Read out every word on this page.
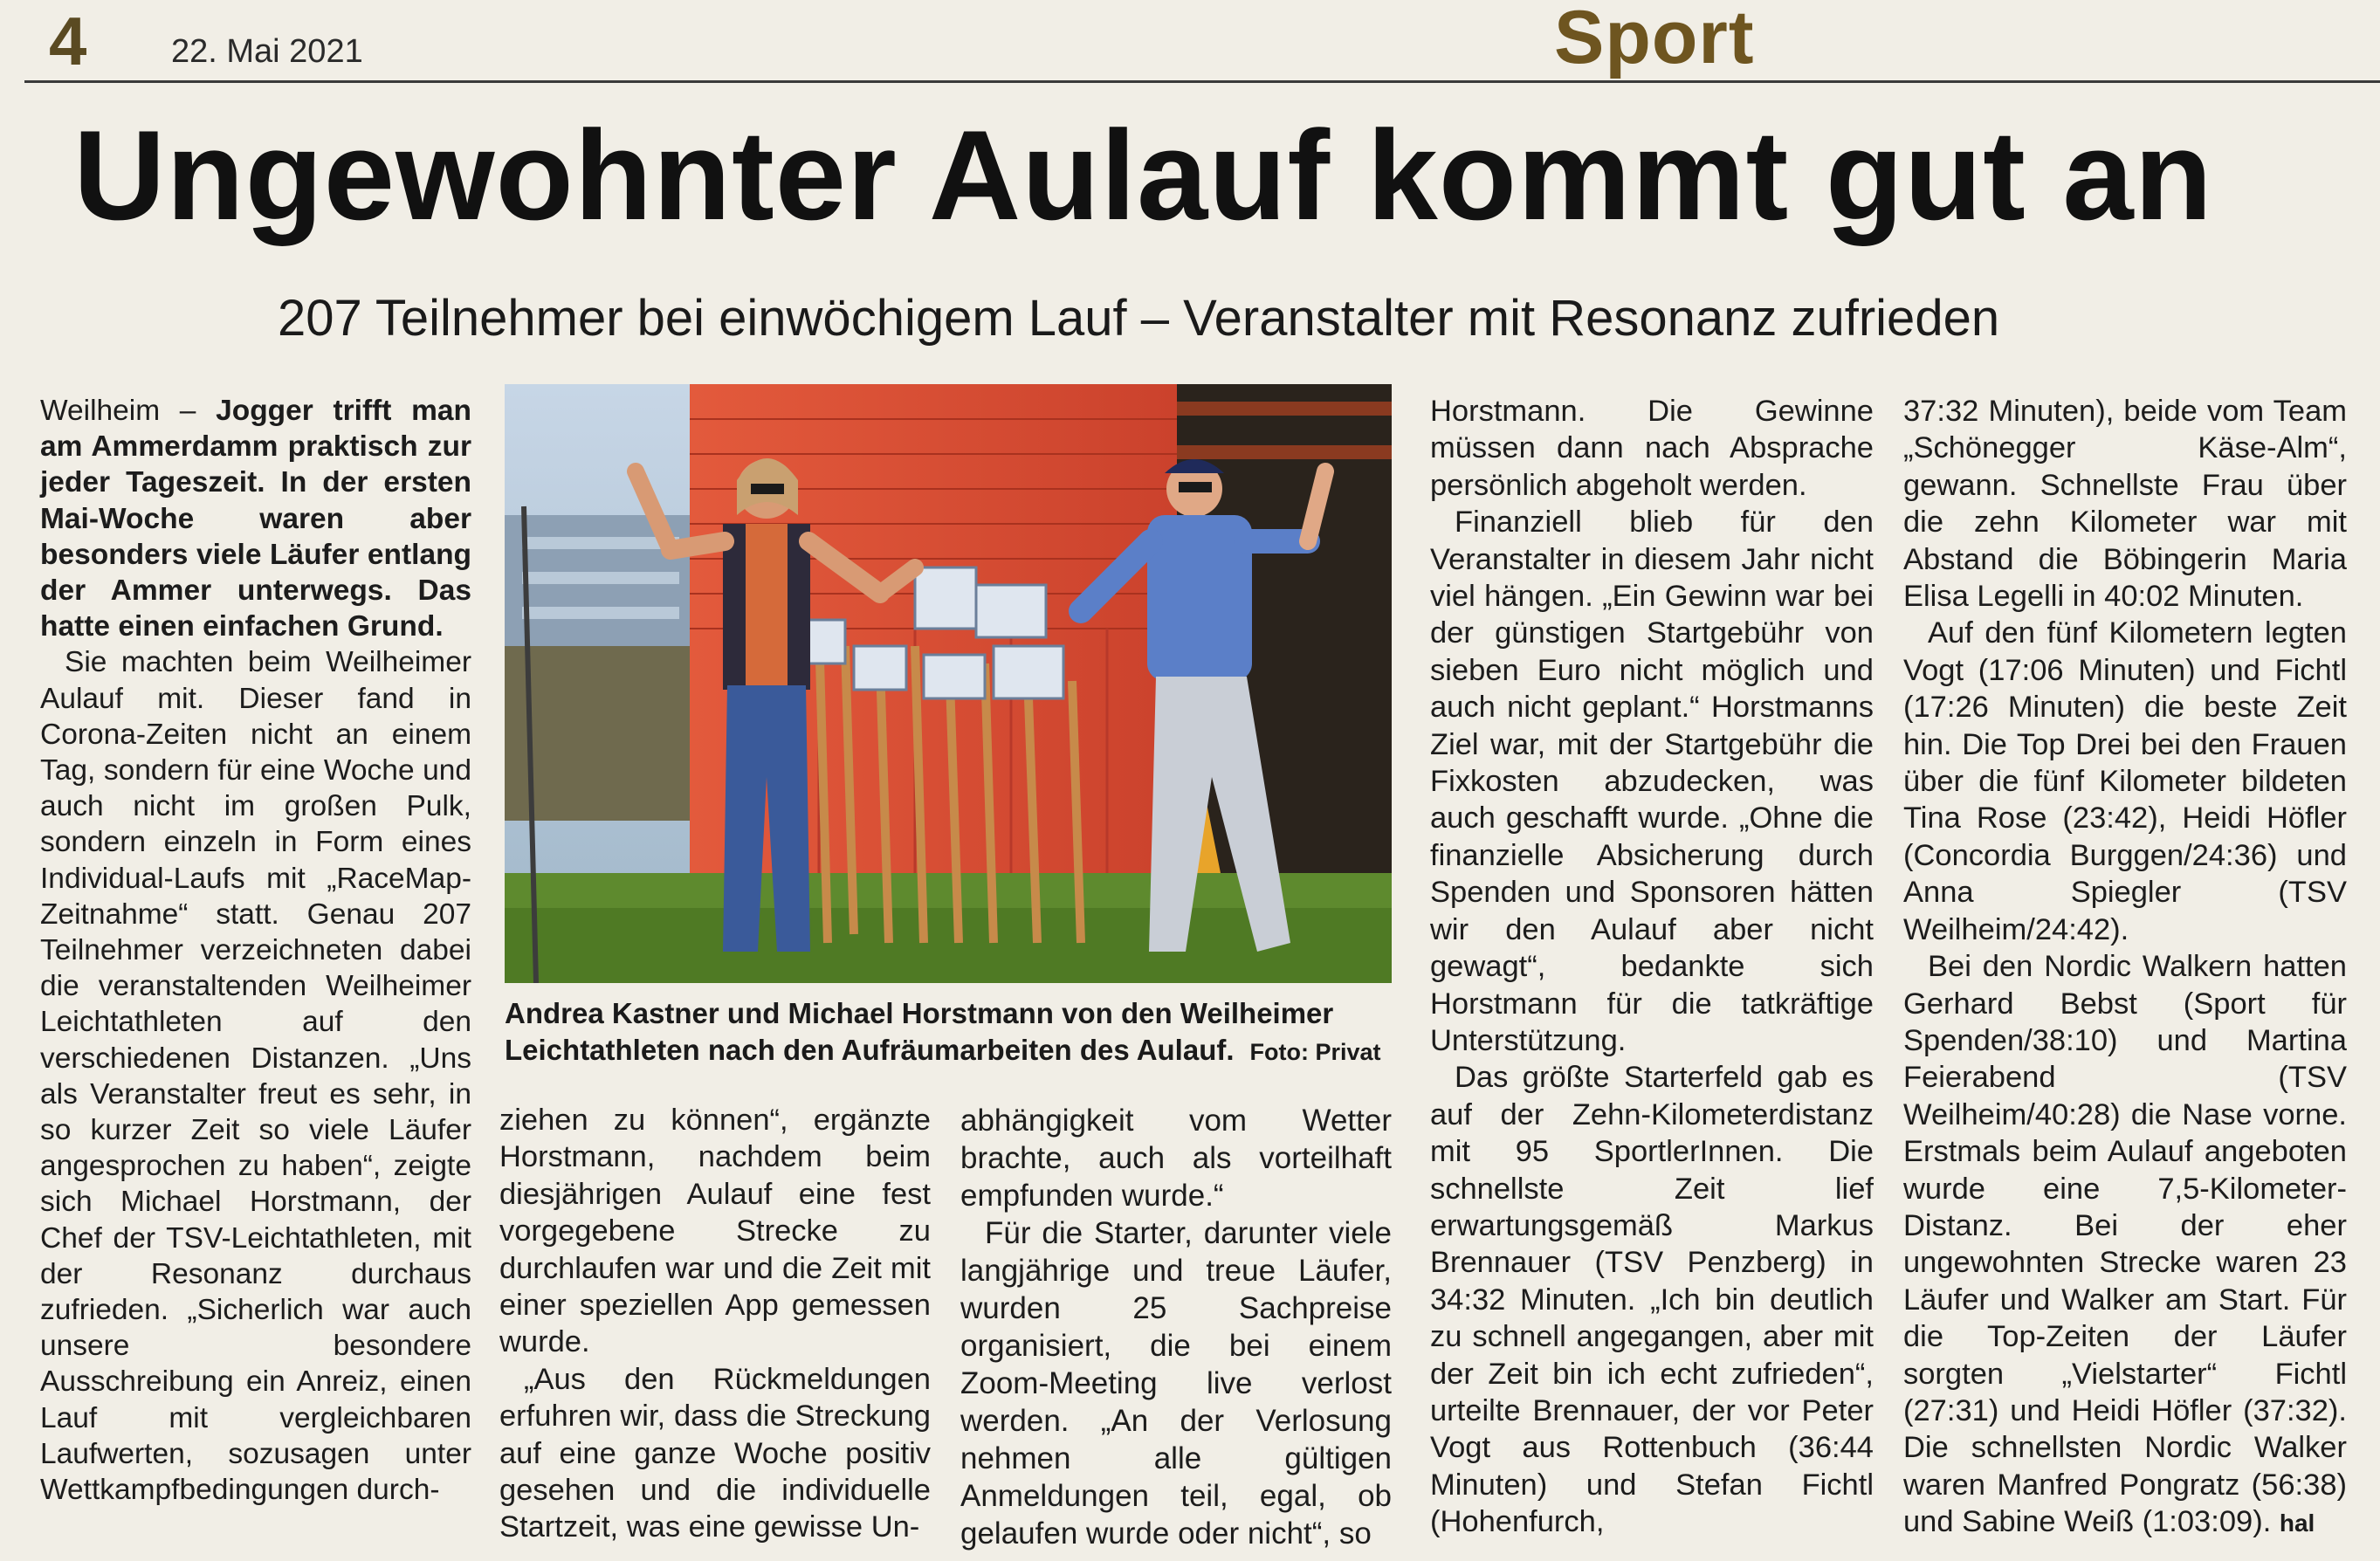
4	22. Mai 2021	Sport
Ungewohnter Aulauf kommt gut an
207 Teilnehmer bei einwöchigem Lauf – Veranstalter mit Resonanz zufrieden

Weilheim – Jogger trifft man am Ammerdamm praktisch zur jeder Tageszeit. In der ersten Mai-Woche waren aber besonders viele Läufer entlang der Ammer unterwegs. Das hatte einen einfachen Grund.

Sie machten beim Weilheimer Aulauf mit. Dieser fand in Corona-Zeiten nicht an einem Tag, sondern für eine Woche und auch nicht im großen Pulk, sondern einzeln in Form eines Individual-Laufs mit „RaceMap-Zeitnahme“ statt. Genau 207 Teilnehmer verzeichneten dabei die veranstaltenden Weilheimer Leichtathleten auf den verschiedenen Distanzen. „Uns als Veranstalter freut es sehr, in so kurzer Zeit so viele Läufer angesprochen zu haben“, zeigte sich Michael Horstmann, der Chef der TSV-Leichtathleten, mit der Resonanz durchaus zufrieden. „Sicherlich war auch unsere besondere Ausschreibung ein Anreiz, einen Lauf mit vergleichbaren Laufwerten, sozusagen unter Wettkampfbedingungen durch-

Andrea Kastner und Michael Horstmann von den Weilheimer Leichtathleten nach den Aufräumarbeiten des Aulauf. Foto: Privat

ziehen zu können“, ergänzte Horstmann, nachdem beim diesjährigen Aulauf eine fest vorgegebene Strecke zu durchlaufen war und die Zeit mit einer speziellen App gemessen wurde.

„Aus den Rückmeldungen erfuhren wir, dass die Streckung auf eine ganze Woche positiv gesehen und die individuelle Startzeit, was eine gewisse Un-

abhängigkeit vom Wetter brachte, auch als vorteilhaft empfunden wurde.“

Für die Starter, darunter viele langjährige und treue Läufer, wurden 25 Sachpreise organisiert, die bei einem Zoom-Meeting live verlost werden. „An der Verlosung nehmen alle gültigen Anmeldungen teil, egal, ob gelaufen wurde oder nicht“, so

Horstmann. Die Gewinne müssen dann nach Absprache persönlich abgeholt werden.

Finanziell blieb für den Veranstalter in diesem Jahr nicht viel hängen. „Ein Gewinn war bei der günstigen Startgebühr von sieben Euro nicht möglich und auch nicht geplant.“ Horstmanns Ziel war, mit der Startgebühr die Fixkosten abzudecken, was auch geschafft wurde. „Ohne die finanzielle Absicherung durch Spenden und Sponsoren hätten wir den Aulauf aber nicht gewagt“, bedankte sich Horstmann für die tatkräftige Unterstützung.

Das größte Starterfeld gab es auf der Zehn-Kilometerdistanz mit 95 SportlerInnen. Die schnellste Zeit lief erwartungsgemäß Markus Brennauer (TSV Penzberg) in 34:32 Minuten. „Ich bin deutlich zu schnell angegangen, aber mit der Zeit bin ich echt zufrieden“, urteilte Brennauer, der vor Peter Vogt aus Rottenbuch (36:44 Minuten) und Stefan Fichtl (Hohenfurch,

37:32 Minuten), beide vom Team „Schönegger Käse-Alm“, gewann. Schnellste Frau über die zehn Kilometer war mit Abstand die Böbingerin Maria Elisa Legelli in 40:02 Minuten.

Auf den fünf Kilometern legten Vogt (17:06 Minuten) und Fichtl (17:26 Minuten) die beste Zeit hin. Die Top Drei bei den Frauen über die fünf Kilometer bildeten Tina Rose (23:42), Heidi Höfler (Concordia Burggen/24:36) und Anna Spiegler (TSV Weilheim/24:42).

Bei den Nordic Walkern hatten Gerhard Bebst (Sport für Spenden/38:10) und Martina Feierabend (TSV Weilheim/40:28) die Nase vorne. Erstmals beim Aulauf angeboten wurde eine 7,5-Kilometer-Distanz. Bei der eher ungewohnten Strecke waren 23 Läufer und Walker am Start. Für die Top-Zeiten der Läufer sorgten „Vielstarter“ Fichtl (27:31) und Heidi Höfler (37:32). Die schnellsten Nordic Walker waren Manfred Pongratz (56:38) und Sabine Weiß (1:03:09). hal
